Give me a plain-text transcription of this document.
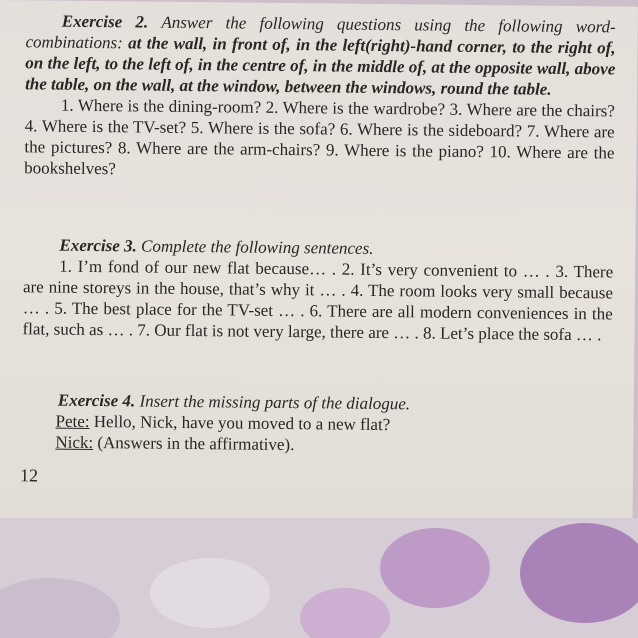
Exercise 2. Answer the following questions using the following word-combinations: at the wall, in front of, in the left(right)-hand corner, to the right of, on the left, to the left of, in the centre of, in the middle of, at the opposite wall, above the table, on the wall, at the window, between the windows, round the table.

1. Where is the dining-room? 2. Where is the wardrobe? 3. Where are the chairs? 4. Where is the TV-set? 5. Where is the sofa? 6. Where is the sideboard? 7. Where are the pictures? 8. Where are the arm-chairs? 9. Where is the piano? 10. Where are the bookshelves?

Exercise 3. Complete the following sentences.

1. I’m fond of our new flat because… . 2. It’s very convenient to … . 3. There are nine storeys in the house, that’s why it … . 4. The room looks very small because … . 5. The best place for the TV-set … . 6. There are all modern conveniences in the flat, such as … . 7. Our flat is not very large, there are … . 8. Let’s place the sofa … .

Exercise 4. Insert the missing parts of the dialogue.

Pete: Hello, Nick, have you moved to a new flat?

Nick: (Answers in the affirmative).

12
